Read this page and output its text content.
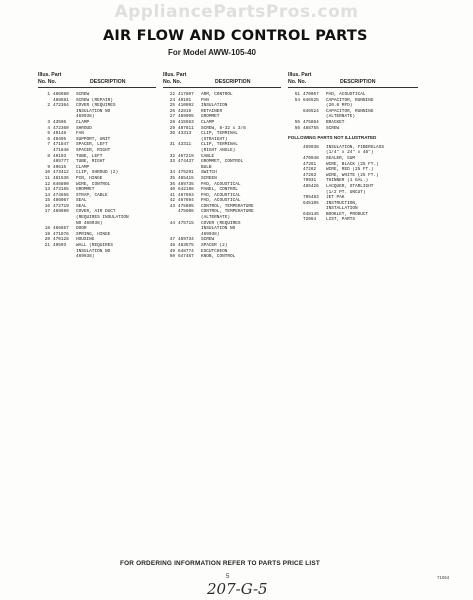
AppliancePartsPros.com
AIR FLOW AND CONTROL PARTS
For Model AWW-105-40
Illus. Part
No. No.	DESCRIPTION
1 486680	SCREW
488681	SCREW (REPAIR)
2 472364	COVER (REQUIRES
INSULATION NO
469938)
3 43596	CLAMP
4 472360	SHROUD
5 49148	FAN
6 49495	SUPPORT, UNIT
7 471847	SPACER, LEFT
471848	SPACER, RIGHT
8 49193	TUBE, LEFT
465777	TUBE, RIGHT
9 49615	CLAMP
10 473412	CLIP, SHROUD (2)
11 481536	PIN, HINGE
12 646890	WIRE, CONTROL
13 473155	GROMMET
14 474656	STRAP, CABLE
15 486087	SEAL
16 472719	SEAL
17 469690	COVER, AIR DUCT
(REQUIRES INSULATION
NO 469938)
18 466857	DOOR
19 471876	SPRING, HINGE
20 470128	HOUSING
21 49593	WALL (REQUIRES
INSULATION NO
469938)
Illus. Part
No. No.	DESCRIPTION
22 417807	ARM, CONTROL
24 49101	PAN
25 410092	INSULATION
26 42819	RETAINER
27 469095	GROMMET
28 415563	CLAMP
29 487811	SCREW, 8-32 x 3/8
30 43313	CLIP, TERMINAL
(STRAIGHT)
31 43311	CLIP, TERMINAL
(RIGHT ANGLE)
32 467219	CABLE
33 474437	GROMMET, CONTROL
BULB
34 475291	SWITCH
35 465415	SCREEN
36 469735	PAD, ACOUSTICAL
40 642196	PANEL, CONTROL
41 467693	PAD, ACOUSTICAL
42 467694	PAD, ACOUSTICAL
43 475605	CONTROL, TEMPERATURE
475606	CONTROL, TEMPERATURE
(ALTERNATE)
44 475715	COVER (REQUIRES
INSULATION NO
469938)
47 489734	SCREW
48 463575	SPACER (2)
49 648774	ESCUTCHEON
50 647487	KNOB, CONTROL
Illus. Part
No. No.	DESCRIPTION
51 470057	PAD, ACOUSTICAL
54 646525	CAPACITOR, RUNNING
(20.0 MFD)
646524	CAPACITOR, RUNNING
(ALTERNATE)
55 475864	BRACKET
56 488755	SCREW
FOLLOWING PARTS NOT ILLUSTRATED
469938	INSULATION, FIBERGLASS
(1/4" x 24" x 48")
470948	SEALER, GUM
47261	WIRE, BLACK (25 FT.)
47262	WIRE, RED (25 FT.)
47263	WIRE, WHITE (25 FT.)
79931	THINNER (1 GAL.)
485426	LACQUER, STARLIGHT
(1/2 PT. UNCUT)
795483	JET PAK
645105	INSTRUCTION,
INSTALLATION
648145	BOOKLET, PRODUCT
T2064	LIST, PARTS
FOR ORDERING INFORMATION REFER TO PARTS PRICE LIST
5	71064
207-G-5
